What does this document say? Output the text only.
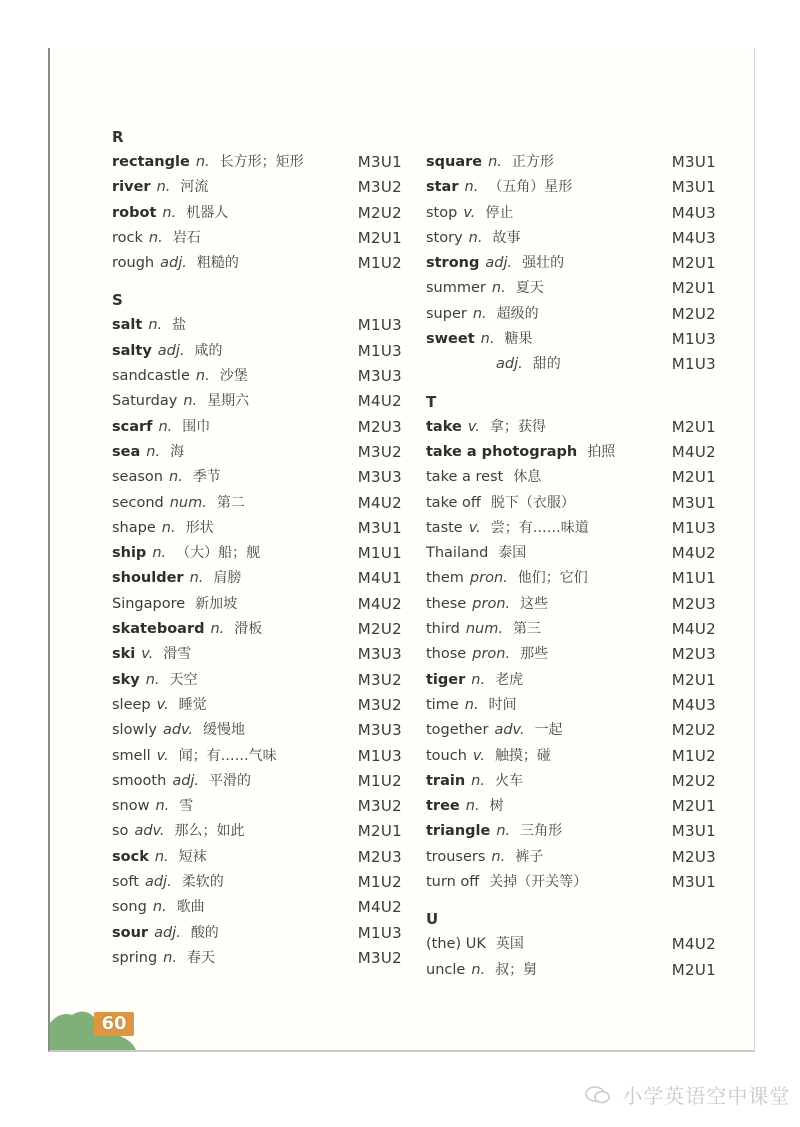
R
rectangle n. 长方形；矩形	M3U1
river n. 河流	M3U2
robot n. 机器人	M2U2
rock n. 岩石	M2U1
rough adj. 粗糙的	M1U2
S
salt n. 盐	M1U3
salty adj. 咸的	M1U3
sandcastle n. 沙堡	M3U3
Saturday n. 星期六	M4U2
scarf n. 围巾	M2U3
sea n. 海	M3U2
season n. 季节	M3U3
second num. 第二	M4U2
shape n. 形状	M3U1
ship n. （大）船；舰	M1U1
shoulder n. 肩膀	M4U1
Singapore 新加坡	M4U2
skateboard n. 滑板	M2U2
ski v. 滑雪	M3U3
sky n. 天空	M3U2
sleep v. 睡觉	M3U2
slowly adv. 缓慢地	M3U3
smell v. 闻；有……气味	M1U3
smooth adj. 平滑的	M1U2
snow n. 雪	M3U2
so adv. 那么；如此	M2U1
sock n. 短袜	M2U3
soft adj. 柔软的	M1U2
song n. 歌曲	M4U2
sour adj. 酸的	M1U3
spring n. 春天	M3U2
square n. 正方形	M3U1
star n. （五角）星形	M3U1
stop v. 停止	M4U3
story n. 故事	M4U3
strong adj. 强壮的	M2U1
summer n. 夏天	M2U1
super n. 超级的	M2U2
sweet n. 糖果	M1U3
adj. 甜的	M1U3
T
take v. 拿；获得	M2U1
take a photograph 拍照	M4U2
take a rest 休息	M2U1
take off 脱下（衣服）	M3U1
taste v. 尝；有……味道	M1U3
Thailand 泰国	M4U2
them pron. 他们；它们	M1U1
these pron. 这些	M2U3
third num. 第三	M4U2
those pron. 那些	M2U3
tiger n. 老虎	M2U1
time n. 时间	M4U3
together adv. 一起	M2U2
touch v. 触摸；碰	M1U2
train n. 火车	M2U2
tree n. 树	M2U1
triangle n. 三角形	M3U1
trousers n. 裤子	M2U3
turn off 关掉（开关等）	M3U1
U
(the) UK 英国	M4U2
uncle n. 叔；舅	M2U1
60
小学英语空中课堂
